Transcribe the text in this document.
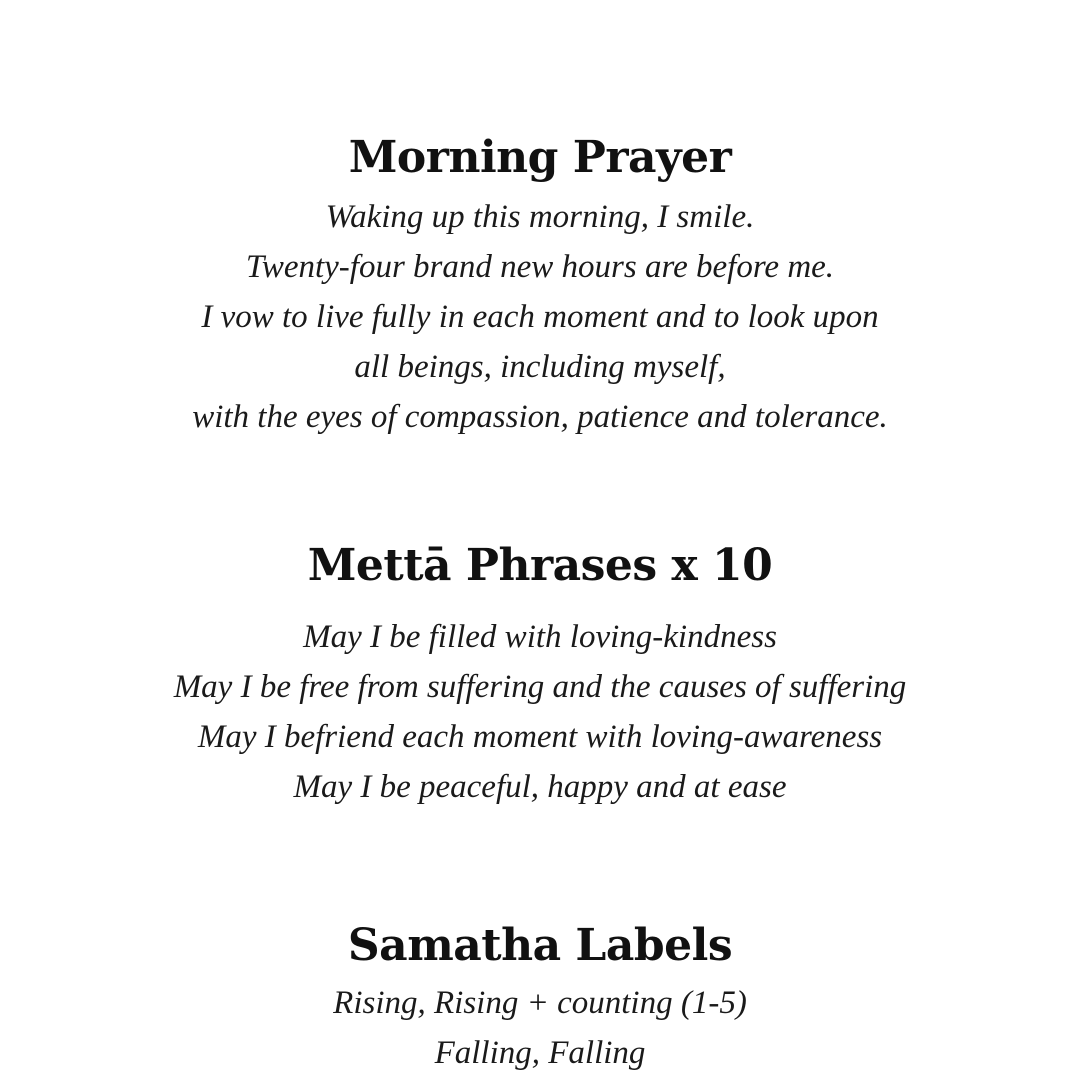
Morning Prayer
Waking up this morning, I smile.
Twenty-four brand new hours are before me.
I vow to live fully in each moment and to look upon
all beings, including myself,
with the eyes of compassion, patience and tolerance.
Mettā Phrases x 10
May I be filled with loving-kindness
May I be free from suffering and the causes of suffering
May I befriend each moment with loving-awareness
May I be peaceful, happy and at ease
Samatha Labels
Rising, Rising + counting (1-5)
Falling, Falling
